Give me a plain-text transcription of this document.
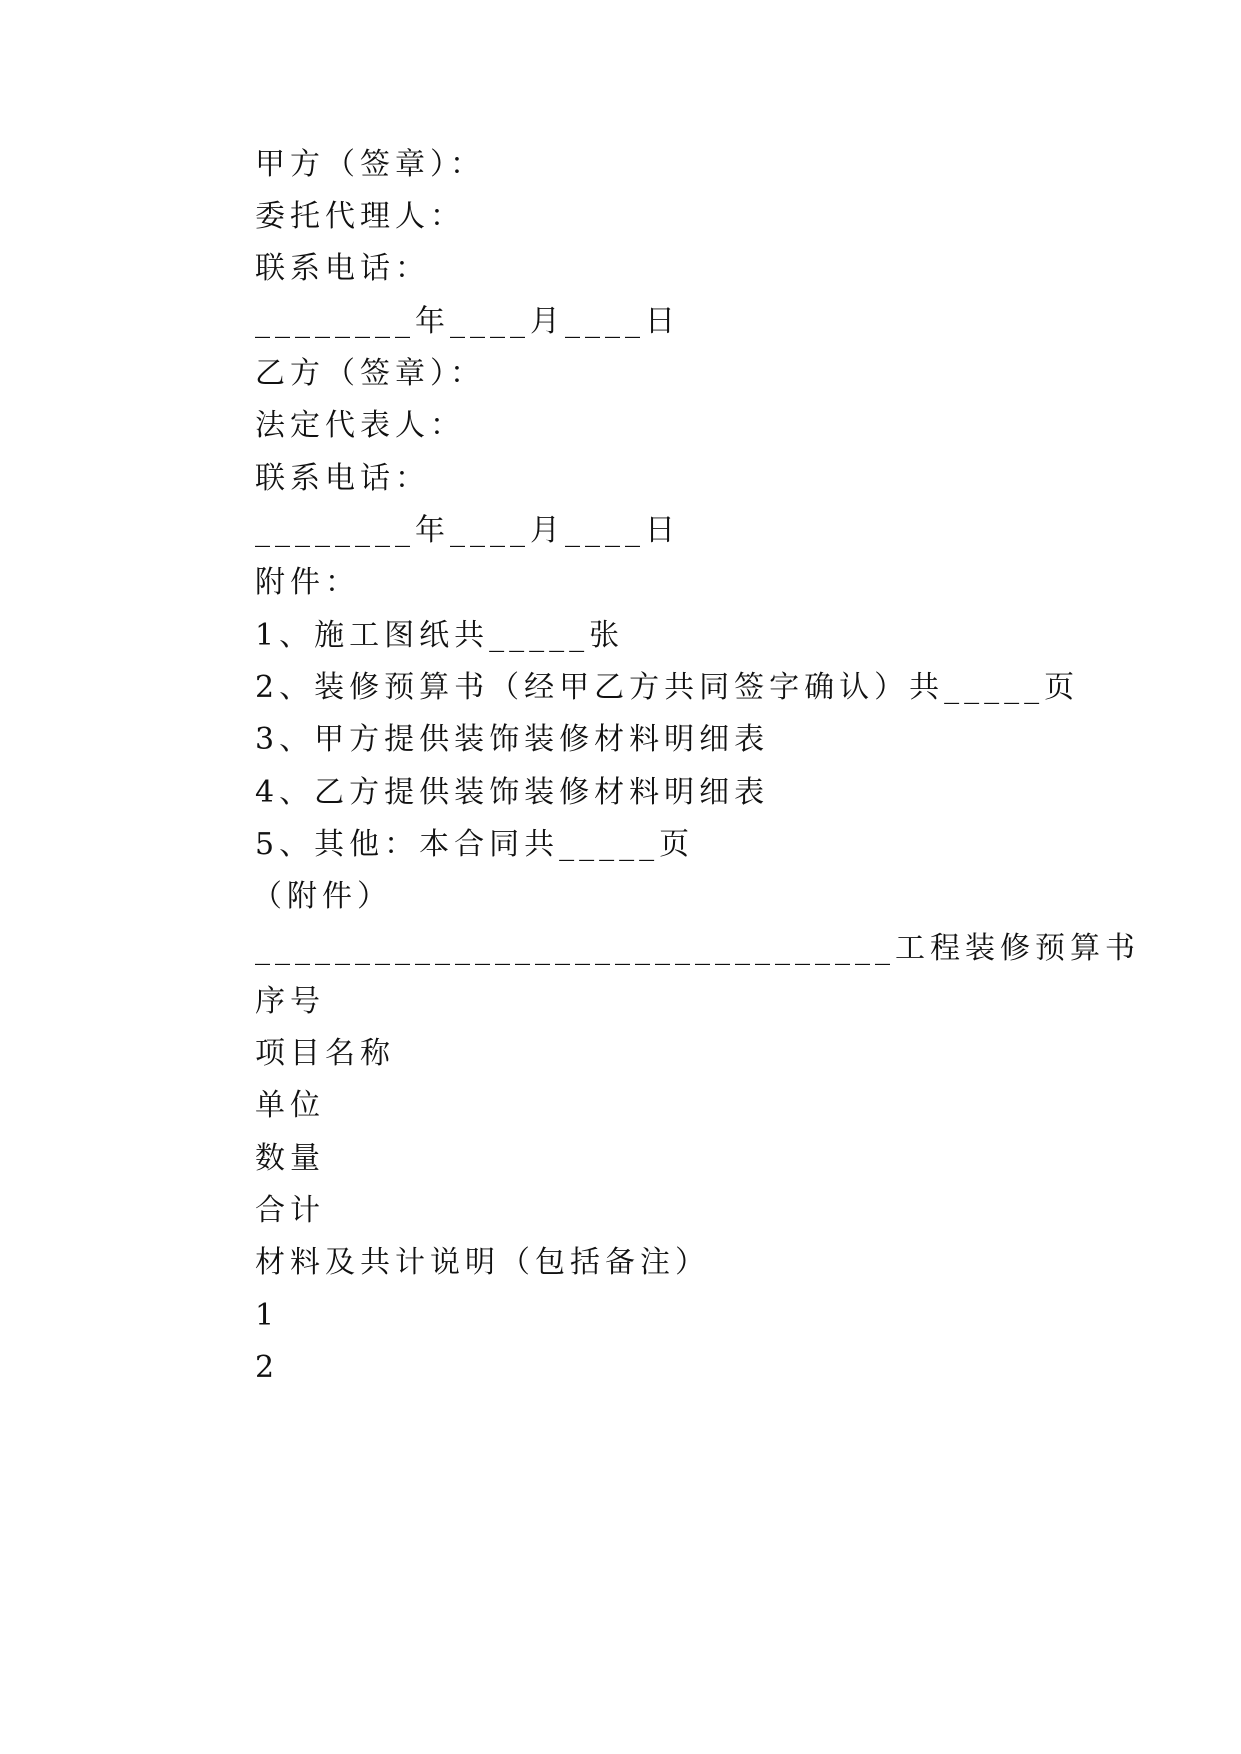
甲方（签章）：
委托代理人：
联系电话：
________年____月____日
乙方（签章）：
法定代表人：
联系电话：
________年____月____日
附件：
1、施工图纸共_____张
2、装修预算书（经甲乙方共同签字确认）共_____页
3、甲方提供装饰装修材料明细表
4、乙方提供装饰装修材料明细表
5、其他：本合同共_____页
（附件）
________________________________工程装修预算书
序号
项目名称
单位
数量
合计
材料及共计说明（包括备注）
1
2
